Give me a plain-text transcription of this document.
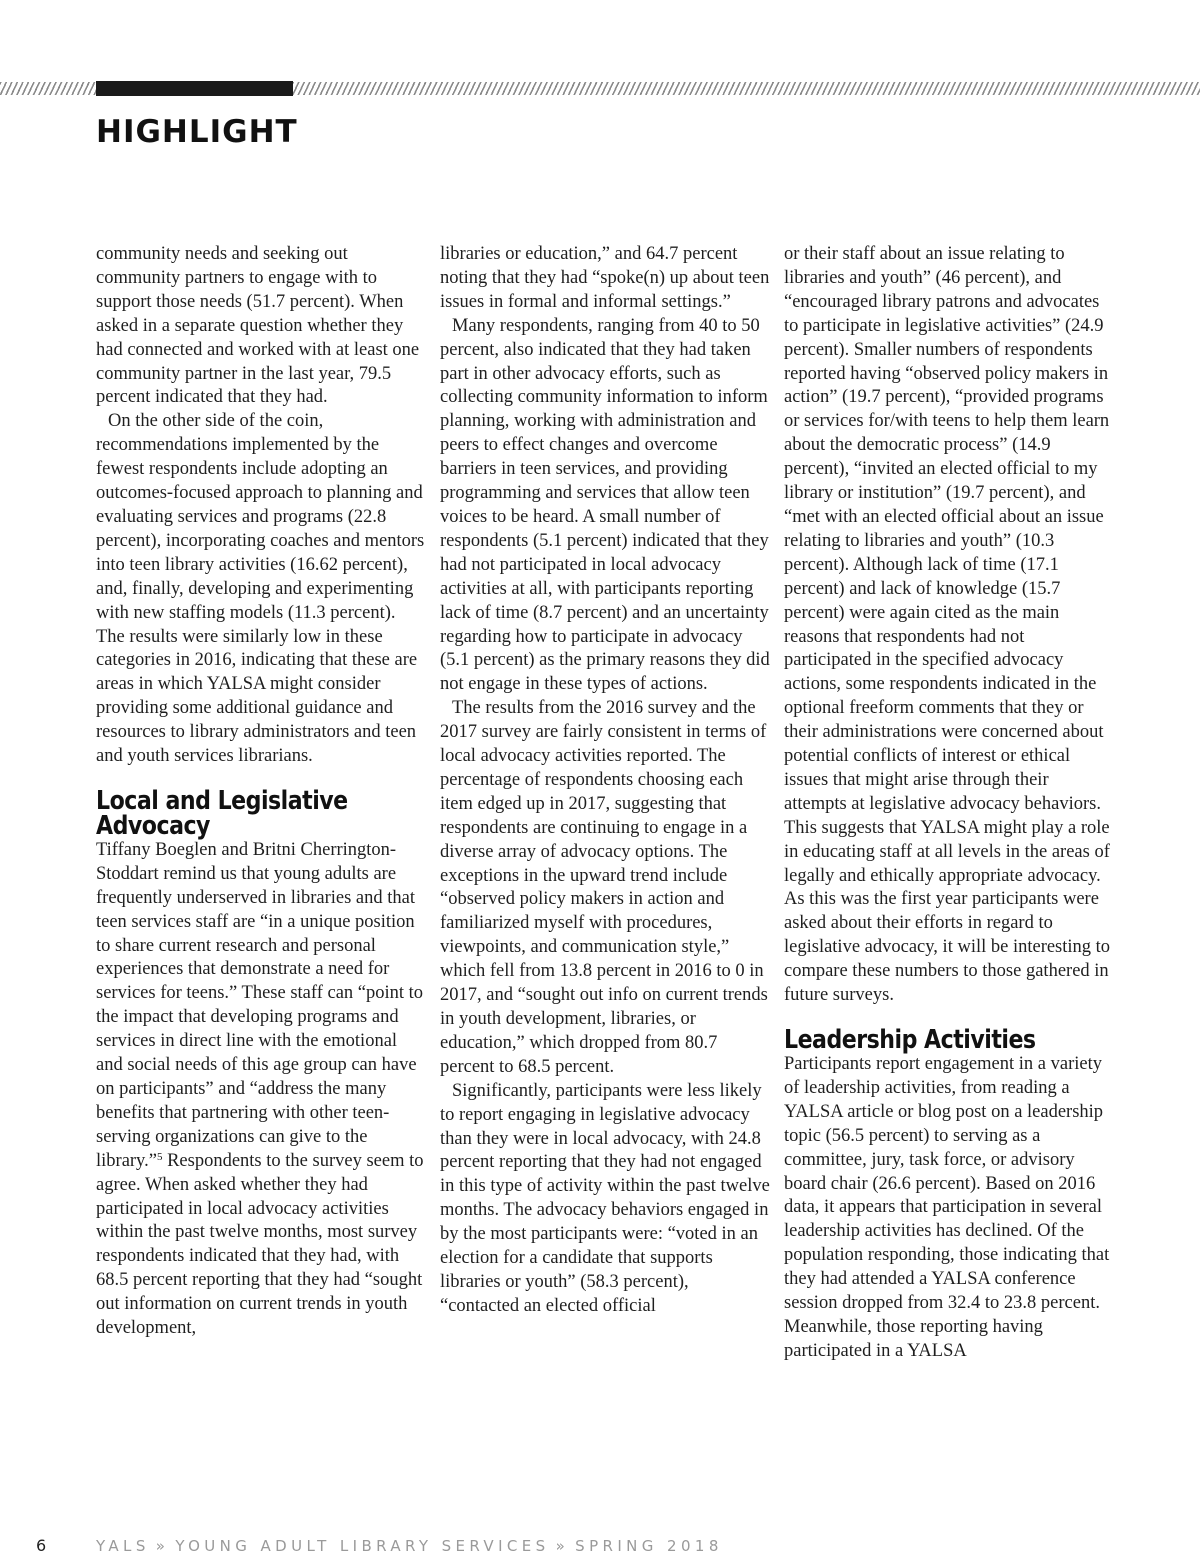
HIGHLIGHT

community needs and seeking out community partners to engage with to support those needs (51.7 percent). When asked in a separate question whether they had connected and worked with at least one community partner in the last year, 79.5 percent indicated that they had.

On the other side of the coin, recommendations implemented by the fewest respondents include adopting an outcomes-focused approach to planning and evaluating services and programs (22.8 percent), incorporating coaches and mentors into teen library activities (16.62 percent), and, finally, developing and experimenting with new staffing models (11.3 percent). The results were similarly low in these categories in 2016, indicating that these are areas in which YALSA might consider providing some additional guidance and resources to library administrators and teen and youth services librarians.

Local and Legislative Advocacy

Tiffany Boeglen and Britni Cherrington-Stoddart remind us that young adults are frequently underserved in libraries and that teen services staff are “in a unique position to share current research and personal experiences that demonstrate a need for services for teens.” These staff can “point to the impact that developing programs and services in direct line with the emotional and social needs of this age group can have on participants” and “address the many benefits that partnering with other teen-serving organizations can give to the library.”$^5$ Respondents to the survey seem to agree. When asked whether they had participated in local advocacy activities within the past twelve months, most survey respondents indicated that they had, with 68.5 percent reporting that they had “sought out information on current trends in youth development,

libraries or education,” and 64.7 percent noting that they had “spoke(n) up about teen issues in formal and informal settings.”

Many respondents, ranging from 40 to 50 percent, also indicated that they had taken part in other advocacy efforts, such as collecting community information to inform planning, working with administration and peers to effect changes and overcome barriers in teen services, and providing programming and services that allow teen voices to be heard. A small number of respondents (5.1 percent) indicated that they had not participated in local advocacy activities at all, with participants reporting lack of time (8.7 percent) and an uncertainty regarding how to participate in advocacy (5.1 percent) as the primary reasons they did not engage in these types of actions.

The results from the 2016 survey and the 2017 survey are fairly consistent in terms of local advocacy activities reported. The percentage of respondents choosing each item edged up in 2017, suggesting that respondents are continuing to engage in a diverse array of advocacy options. The exceptions in the upward trend include “observed policy makers in action and familiarized myself with procedures, viewpoints, and communication style,” which fell from 13.8 percent in 2016 to 0 in 2017, and “sought out info on current trends in youth development, libraries, or education,” which dropped from 80.7 percent to 68.5 percent.

Significantly, participants were less likely to report engaging in legislative advocacy than they were in local advocacy, with 24.8 percent reporting that they had not engaged in this type of activity within the past twelve months. The advocacy behaviors engaged in by the most participants were: “voted in an election for a candidate that supports libraries or youth” (58.3 percent), “contacted an elected official

or their staff about an issue relating to libraries and youth” (46 percent), and “encouraged library patrons and advocates to participate in legislative activities” (24.9 percent). Smaller numbers of respondents reported having “observed policy makers in action” (19.7 percent), “provided programs or services for/with teens to help them learn about the democratic process” (14.9 percent), “invited an elected official to my library or institution” (19.7 percent), and “met with an elected official about an issue relating to libraries and youth” (10.3 percent). Although lack of time (17.1 percent) and lack of knowledge (15.7 percent) were again cited as the main reasons that respondents had not participated in the specified advocacy actions, some respondents indicated in the optional freeform comments that they or their administrations were concerned about potential conflicts of interest or ethical issues that might arise through their attempts at legislative advocacy behaviors. This suggests that YALSA might play a role in educating staff at all levels in the areas of legally and ethically appropriate advocacy. As this was the first year participants were asked about their efforts in regard to legislative advocacy, it will be interesting to compare these numbers to those gathered in future surveys.

Leadership Activities

Participants report engagement in a variety of leadership activities, from reading a YALSA article or blog post on a leadership topic (56.5 percent) to serving as a committee, jury, task force, or advisory board chair (26.6 percent). Based on 2016 data, it appears that participation in several leadership activities has declined. Of the population responding, those indicating that they had attended a YALSA conference session dropped from 32.4 to 23.8 percent. Meanwhile, those reporting having participated in a YALSA

6	YALS » YOUNG ADULT LIBRARY SERVICES » SPRING 2018
